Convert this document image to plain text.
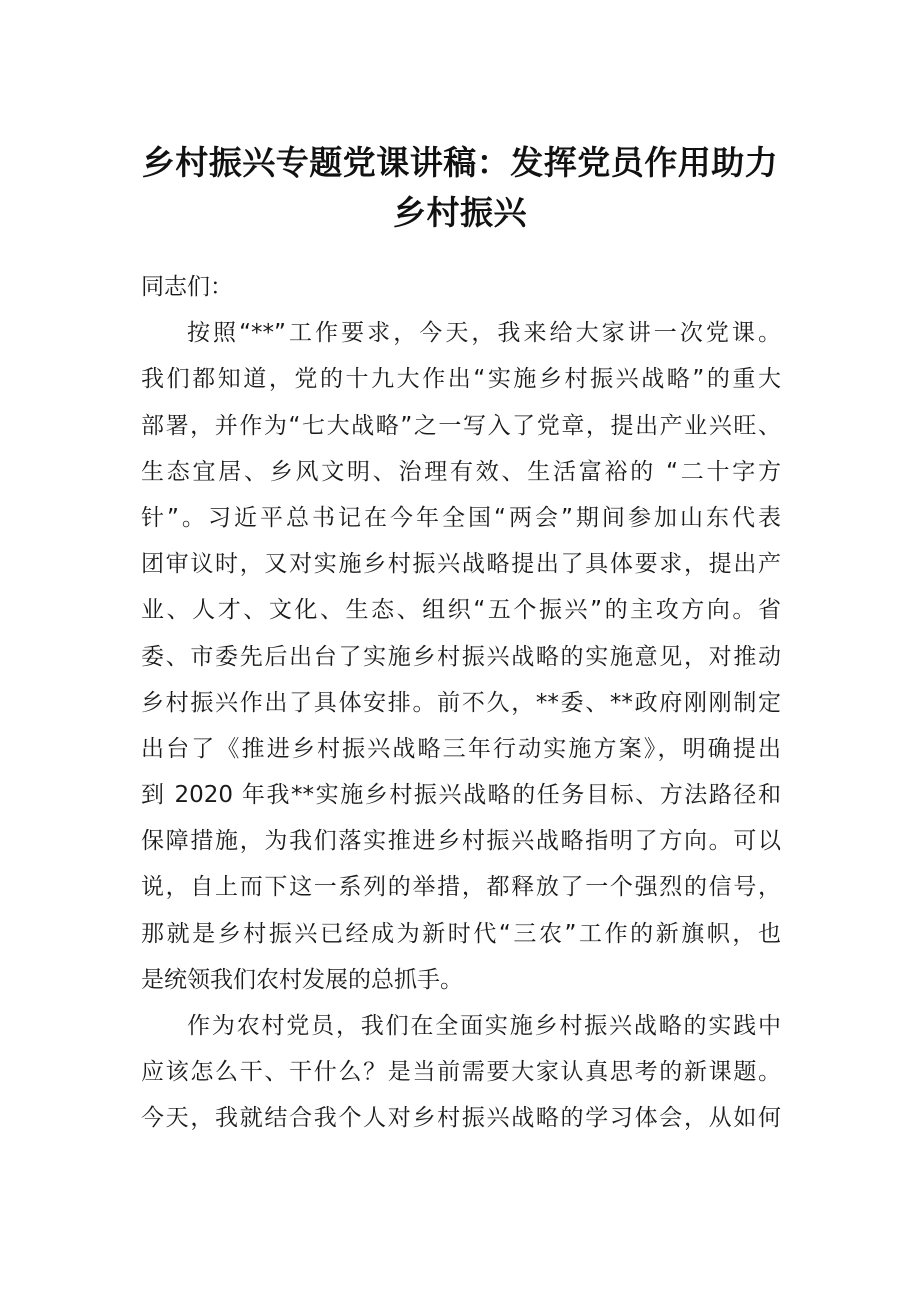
乡村振兴专题党课讲稿：发挥党员作用助力
乡村振兴
同志们：
按照“**”工作要求，今天，我来给大家讲一次党课。
我们都知道，党的十九大作出“实施乡村振兴战略”的重大
部署，并作为“七大战略”之一写入了党章，提出产业兴旺、
生态宜居、乡风文明、治理有效、生活富裕的 “二十字方
针”。习近平总书记在今年全国“两会”期间参加山东代表
团审议时，又对实施乡村振兴战略提出了具体要求，提出产
业、人才、文化、生态、组织“五个振兴”的主攻方向。省
委、市委先后出台了实施乡村振兴战略的实施意见，对推动
乡村振兴作出了具体安排。前不久，**委、**政府刚刚制定
出台了《推进乡村振兴战略三年行动实施方案》，明确提出
到 2020 年我**实施乡村振兴战略的任务目标、方法路径和
保障措施，为我们落实推进乡村振兴战略指明了方向。可以
说，自上而下这一系列的举措，都释放了一个强烈的信号，
那就是乡村振兴已经成为新时代“三农”工作的新旗帜，也
是统领我们农村发展的总抓手。
作为农村党员，我们在全面实施乡村振兴战略的实践中
应该怎么干、干什么？是当前需要大家认真思考的新课题。
今天，我就结合我个人对乡村振兴战略的学习体会，从如何
